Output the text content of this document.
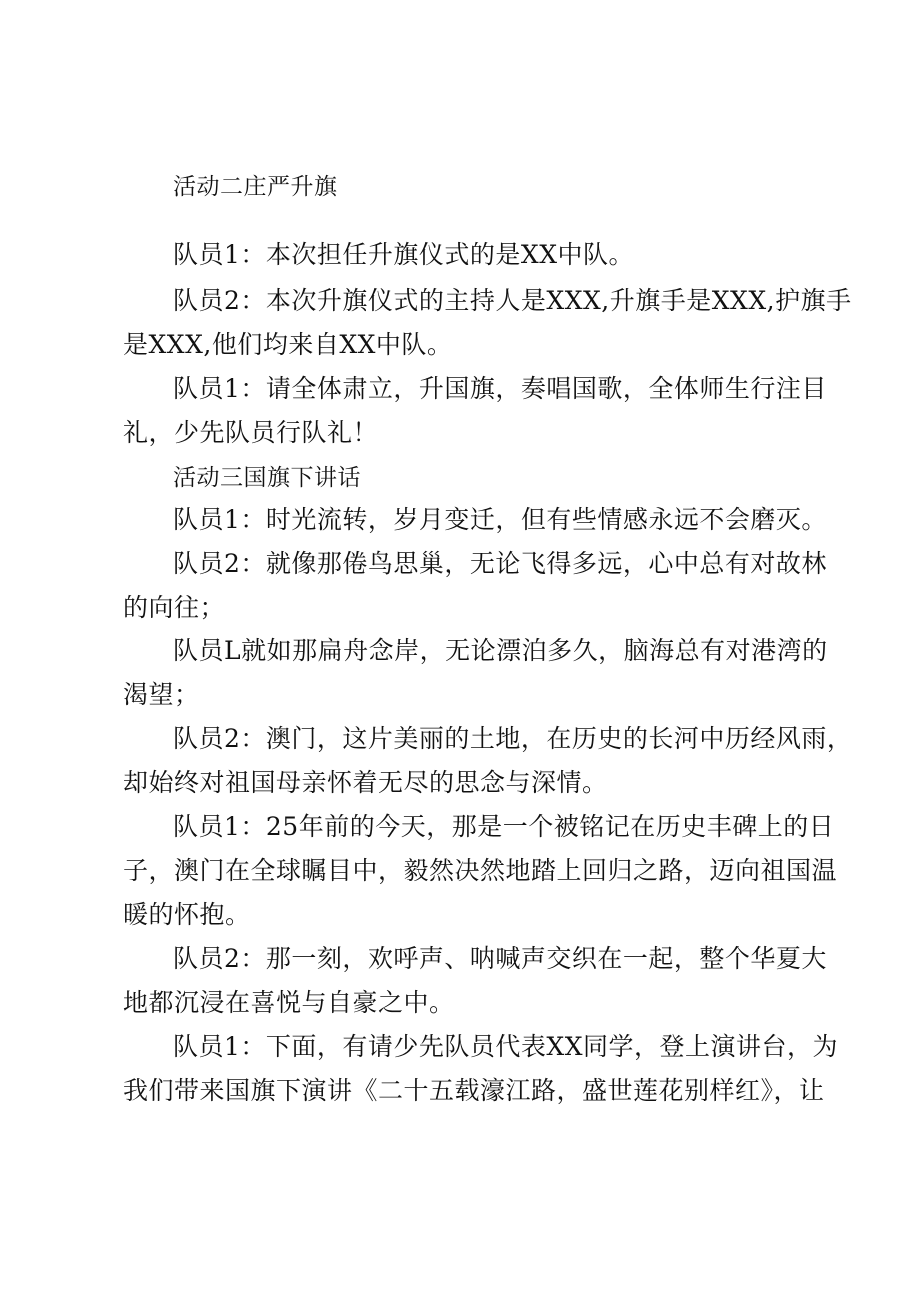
活动二庄严升旗
队员1：本次担任升旗仪式的是XX中队。
队员2：本次升旗仪式的主持人是XXX,升旗手是XXX,护旗手
是XXX,他们均来自XX中队。
队员1：请全体肃立，升国旗，奏唱国歌，全体师生行注目
礼，少先队员行队礼！
活动三国旗下讲话
队员1：时光流转，岁月变迁，但有些情感永远不会磨灭。
队员2：就像那倦鸟思巢，无论飞得多远，心中总有对故林
的向往；
队员L就如那扁舟念岸，无论漂泊多久，脑海总有对港湾的
渴望；
队员2：澳门，这片美丽的土地，在历史的长河中历经风雨，
却始终对祖国母亲怀着无尽的思念与深情。
队员1：25年前的今天，那是一个被铭记在历史丰碑上的日
子，澳门在全球瞩目中，毅然决然地踏上回归之路，迈向祖国温
暖的怀抱。
队员2：那一刻，欢呼声、呐喊声交织在一起，整个华夏大
地都沉浸在喜悦与自豪之中。
队员1：下面，有请少先队员代表XX同学，登上演讲台，为
我们带来国旗下演讲《二十五载濠江路，盛世莲花别样红》，让
